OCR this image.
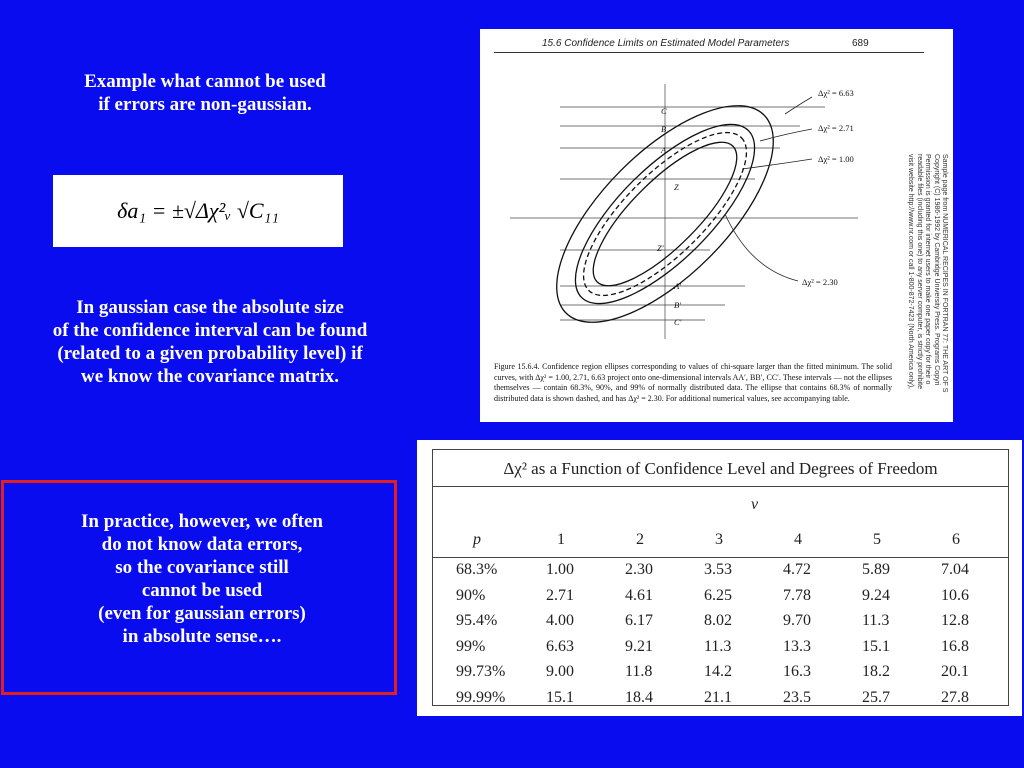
Example what cannot be used
if errors are non-gaussian.
δa₁ = ±√Δχ²ᵥ √C₁₁
In gaussian case the absolute size
of the confidence interval can be found
(related to a given probability level) if
we know the covariance matrix.
In practice, however, we often
do not know data errors,
so the covariance still
cannot be used
(even for gaussian errors)
in absolute sense….
15.6 Confidence Limits on Estimated Model Parameters	689
Δχ² = 6.63
Δχ² = 2.71
Δχ² = 1.00
Δχ² = 2.30
C
B
A
Z
Z′
A′
B′
C′
Figure 15.6.4. Confidence region ellipses corresponding to values of chi-square larger than the fitted minimum. The solid curves, with Δχ² = 1.00, 2.71, 6.63 project onto one-dimensional intervals AA′, BB′, CC′. These intervals — not the ellipses themselves — contain 68.3%, 90%, and 99% of normally distributed data. The ellipse that contains 68.3% of normally distributed data is shown dashed, and has Δχ² = 2.30. For additional numerical values, see accompanying table.
Sample page from NUMERICAL RECIPES IN FORTRAN 77: THE ART OF S
Copyright (C) 1986-1992 by Cambridge University Press. Programs Copyri
Permission is granted for internet users to make one paper copy for their o
readable files (including this one) to any server computer, is strictly prohibite
visit website http://www.nr.com or call 1-800-872-7423 (North America only),
Δχ² as a Function of Confidence Level and Degrees of Freedom
ν
p	1	2	3	4	5	6
68.3%	1.00	2.30	3.53	4.72	5.89	7.04
90%	2.71	4.61	6.25	7.78	9.24	10.6
95.4%	4.00	6.17	8.02	9.70	11.3	12.8
99%	6.63	9.21	11.3	13.3	15.1	16.8
99.73%	9.00	11.8	14.2	16.3	18.2	20.1
99.99%	15.1	18.4	21.1	23.5	25.7	27.8
